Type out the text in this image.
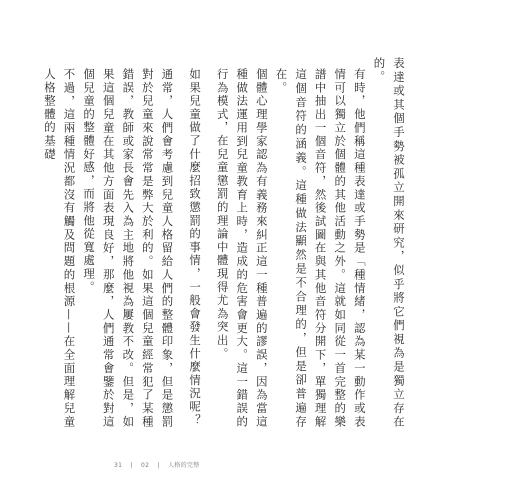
表達或其個手勢被孤立開來研究，似乎將它們視為是獨立存在的。

有時，他們稱這種表達或手勢是「種情緒，認為某一動作或表情可以獨立於個體的其他活動之外。這就如同從一首完整的樂譜中抽出一個音符，然後試圖在與其他音符分開下，單獨理解這個音符的涵義。這種做法顯然是不合理的，但是卻普遍存在。

個體心理學家認為有義務來糾正這一種普遍的謬誤，因為當這種做法運用到兒童教育上時，造成的危害會更大。這一錯誤的行為模式，在兒童懲罰的理論中體現得尤為突出。

如果兒童做了什麼招致懲罰的事情，一般會發生什麼情況呢？

通常，人們會考慮到兒童人格留給人們的整體印象，但是懲罰對於兒童來說常常是弊大於利的。如果這個兒童經常犯了某種錯誤，教師或家長會先入為主地將他視為屢教不改。但是，如果這個兒童在其他方面表現良好，那麼，人們通常會鑒於對這個兒童的整體好感，而將他從寬處理。

不過，這兩種情況都沒有觸及問題的根源——在全面理解兒童人格整體的基礎

31 | 02 | 人格的完整
